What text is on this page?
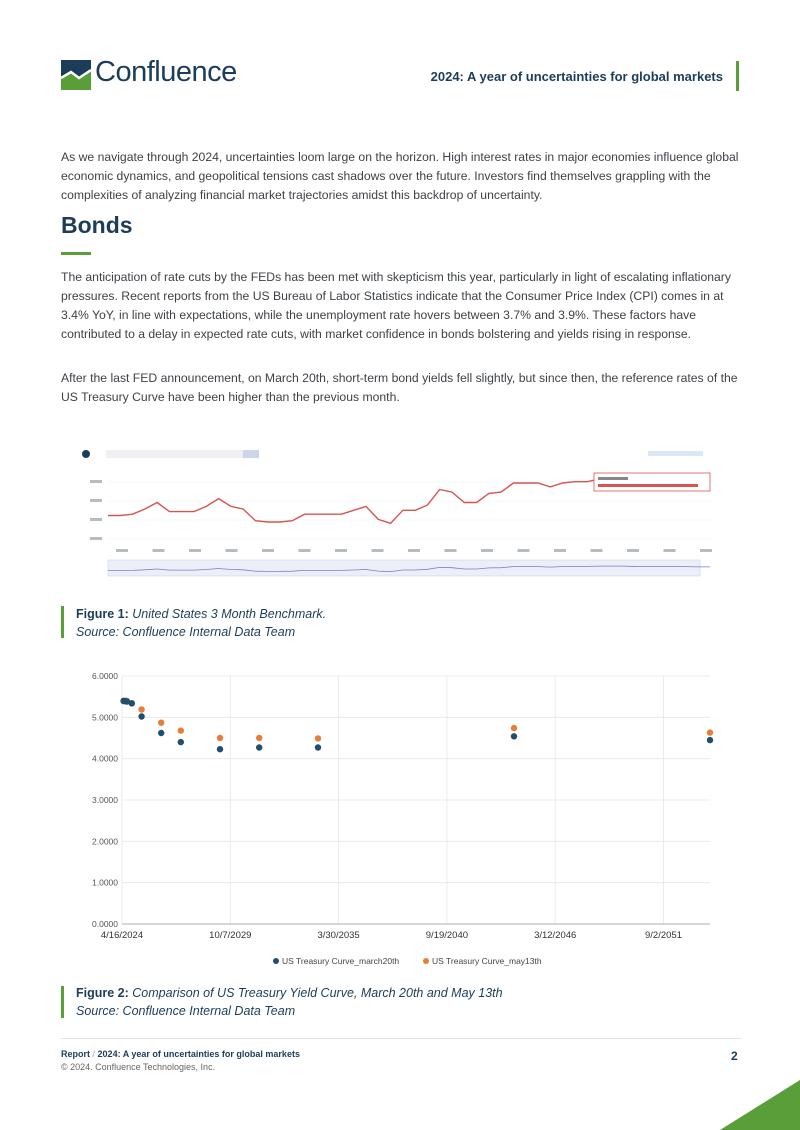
Confluence	2024: A year of uncertainties for global markets

As we navigate through 2024, uncertainties loom large on the horizon. High interest rates in major economies influence global economic dynamics, and geopolitical tensions cast shadows over the future. Investors find themselves grappling with the complexities of analyzing financial market trajectories amidst this backdrop of uncertainty.

Bonds

The anticipation of rate cuts by the FEDs has been met with skepticism this year, particularly in light of escalating inflationary pressures. Recent reports from the US Bureau of Labor Statistics indicate that the Consumer Price Index (CPI) comes in at 3.4% YoY, in line with expectations, while the unemployment rate hovers between 3.7% and 3.9%. These factors have contributed to a delay in expected rate cuts, with market confidence in bonds bolstering and yields rising in response.

After the last FED announcement, on March 20th, short-term bond yields fell slightly, but since then, the reference rates of the US Treasury Curve have been higher than the previous month.

Figure 1: United States 3 Month Benchmark.
Source: Confluence Internal Data Team
0.0000
1.0000
2.0000
3.0000
4.0000
5.0000
6.0000
4/16/2024	10/7/2029	3/30/2035	9/19/2040	3/12/2046	9/2/2051
US Treasury Curve_march20th	US Treasury Curve_may13th
Figure 2: Comparison of US Treasury Yield Curve, March 20th and May 13th
Source: Confluence Internal Data Team
Report / 2024: A year of uncertainties for global markets
© 2024. Confluence Technologies, Inc.
2
